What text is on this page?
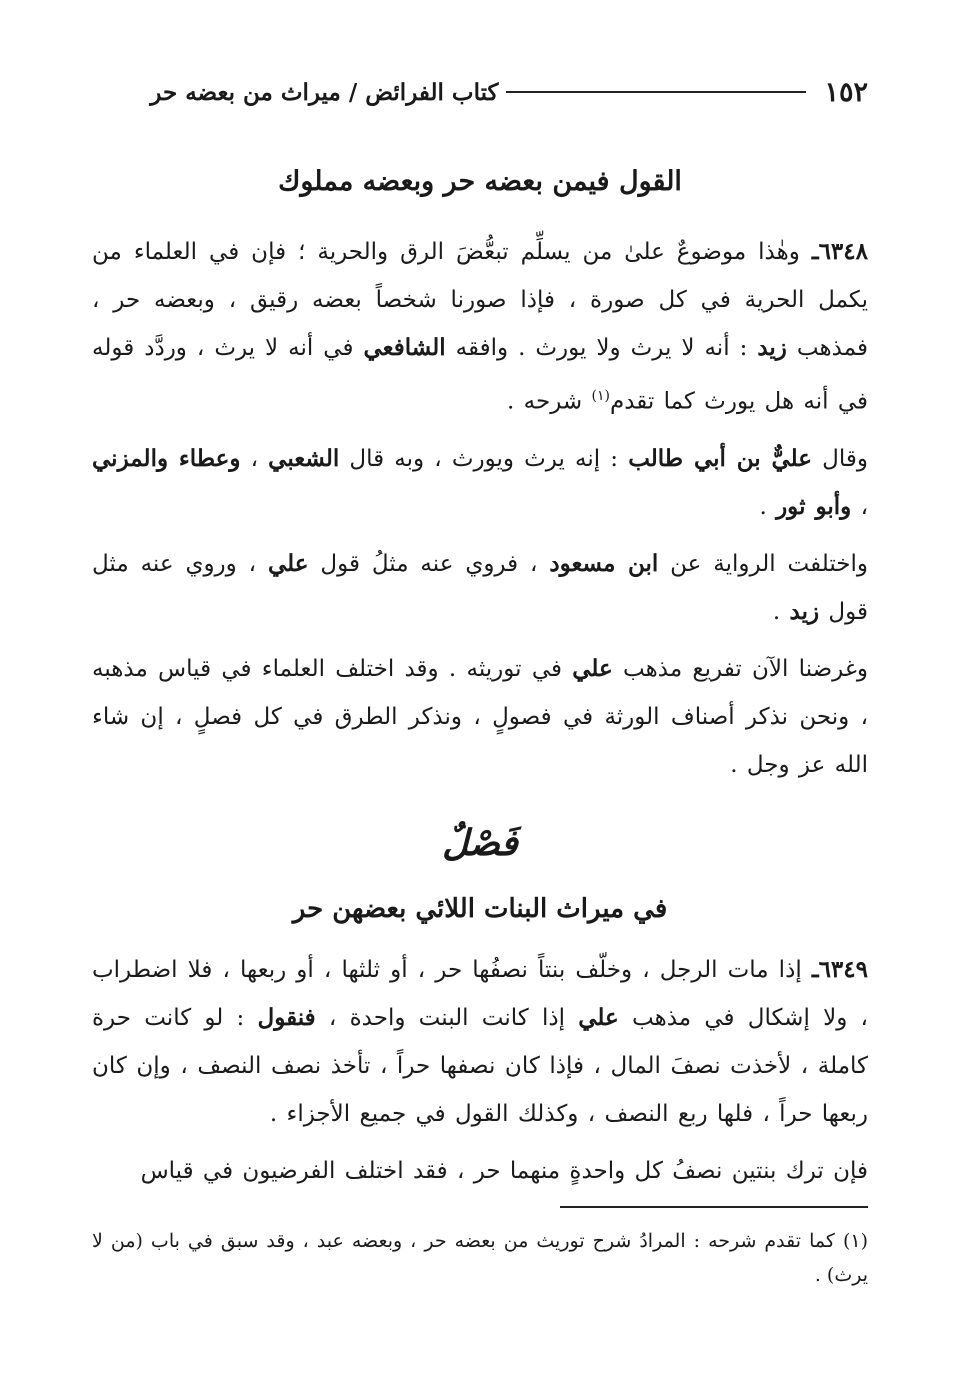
١٥٢
كتاب الفرائض / ميراث من بعضه حر
القول فيمن بعضه حر وبعضه مملوك

٦٣٤٨ـ وهٰذا موضوعٌ علىٰ من يسلِّم تبعُّضَ الرق والحرية ؛ فإن في العلماء من يكمل الحرية في كل صورة ، فإذا صورنا شخصاً بعضه رقيق ، وبعضه حر ، فمذهب زيد : أنه لا يرث ولا يورث . وافقه الشافعي في أنه لا يرث ، وردَّد قوله في أنه هل يورث كما تقدم$^{(١)}$ شرحه .

وقال عليٌّ بن أبي طالب : إنه يرث ويورث ، وبه قال الشعبي ، وعطاء والمزني ، وأبو ثور .

واختلفت الرواية عن ابن مسعود ، فروي عنه مثلُ قول علي ، وروي عنه مثل قول زيد .

وغرضنا الآن تفريع مذهب علي في توريثه . وقد اختلف العلماء في قياس مذهبه ، ونحن نذكر أصناف الورثة في فصولٍ ، ونذكر الطرق في كل فصلٍ ، إن شاء الله عز وجل .

فَصْلٌ
في ميراث البنات اللائي بعضهن حر

٦٣٤٩ـ إذا مات الرجل ، وخلّف بنتاً نصفُها حر ، أو ثلثها ، أو ربعها ، فلا اضطراب ، ولا إشكال في مذهب علي إذا كانت البنت واحدة ، فنقول : لو كانت حرة كاملة ، لأخذت نصفَ المال ، فإذا كان نصفها حراً ، تأخذ نصف النصف ، وإن كان ربعها حراً ، فلها ربع النصف ، وكذلك القول في جميع الأجزاء .

فإن ترك بنتين نصفُ كل واحدةٍ منهما حر ، فقد اختلف الفرضيون في قياس

(١) كما تقدم شرحه : المرادُ شرح توريث من بعضه حر ، وبعضه عبد ، وقد سبق في باب (من لا يرث) .
